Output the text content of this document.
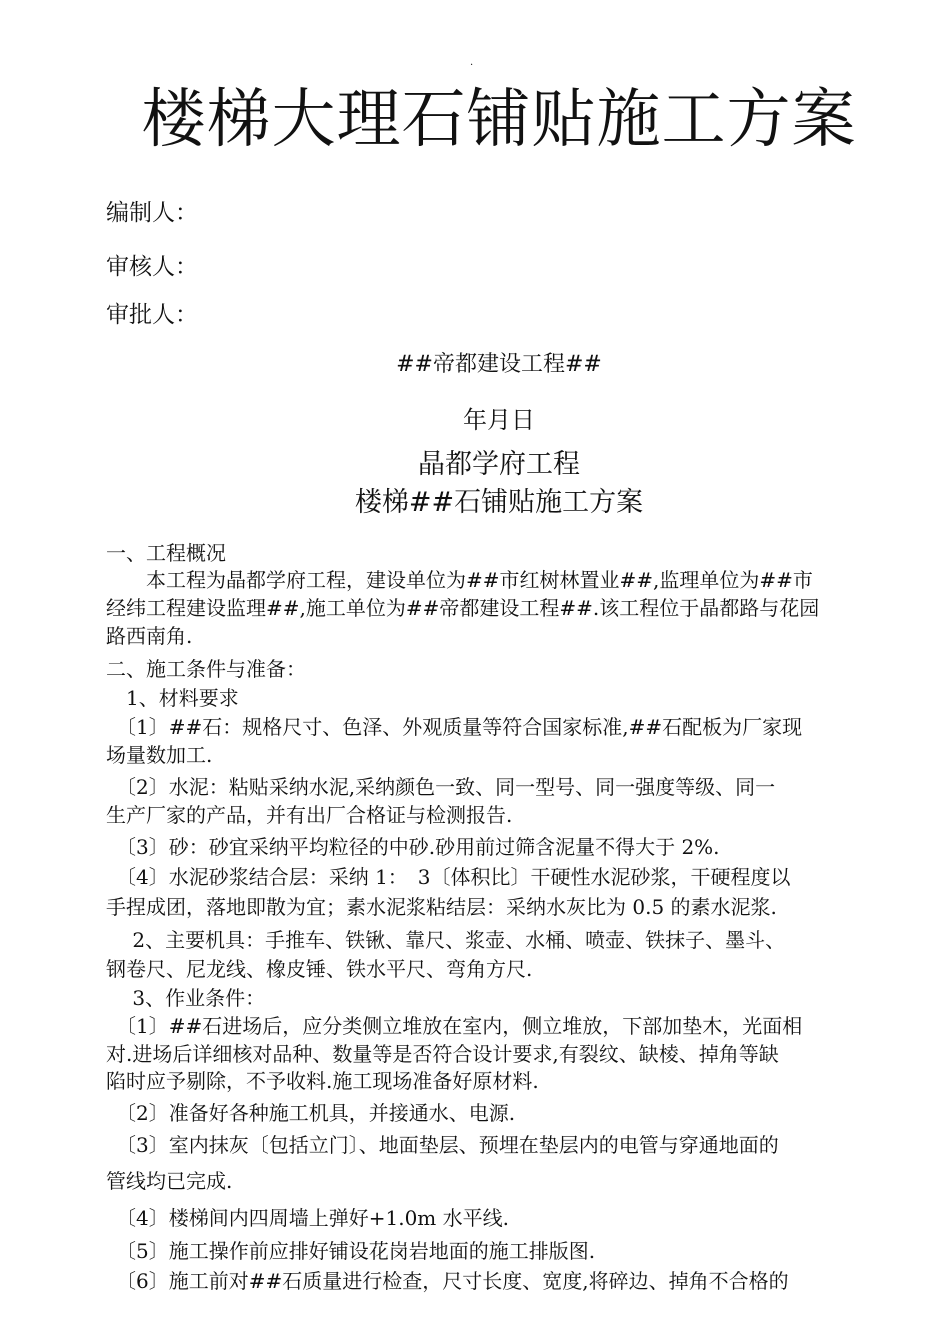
.
楼梯大理石铺贴施工方案
编制人：
审核人：
审批人：
##帝都建设工程##
年月日
晶都学府工程
楼梯##石铺贴施工方案
一、工程概况
　　本工程为晶都学府工程，建设单位为##市红树林置业##,监理单位为##市
经纬工程建设监理##,施工单位为##帝都建设工程##.该工程位于晶都路与花园
路西南角.
二、施工条件与准备：
　1、材料要求
　〔1〕##石：规格尺寸、色泽、外观质量等符合国家标准,##石配板为厂家现
场量数加工.
　〔2〕水泥：粘贴采纳水泥,采纳颜色一致、同一型号、同一强度等级、同一
生产厂家的产品，并有出厂合格证与检测报告.
　〔3〕砂：砂宜采纳平均粒径的中砂.砂用前过筛含泥量不得大于 2%.
　〔4〕水泥砂浆结合层：采纳 1：　3〔体积比〕干硬性水泥砂浆，干硬程度以
手捏成团，落地即散为宜；素水泥浆粘结层：采纳水灰比为 0.5 的素水泥浆.
　 2、主要机具：手推车、铁锹、靠尺、浆壶、水桶、喷壶、铁抹子、墨斗、
钢卷尺、尼龙线、橡皮锤、铁水平尺、弯角方尺.
　 3、作业条件：
　〔1〕##石进场后，应分类侧立堆放在室内，侧立堆放，下部加垫木，光面相
对.进场后详细核对品种、数量等是否符合设计要求,有裂纹、缺棱、掉角等缺
陷时应予剔除，不予收料.施工现场准备好原材料.
　〔2〕准备好各种施工机具，并接通水、电源.
　〔3〕室内抹灰〔包括立门〕、地面垫层、预埋在垫层内的电管与穿通地面的
管线均已完成.
　〔4〕楼梯间内四周墙上弹好+1.0m 水平线.
　〔5〕施工操作前应排好铺设花岗岩地面的施工排版图.
　〔6〕施工前对##石质量进行检查，尺寸长度、宽度,将碎边、掉角不合格的
